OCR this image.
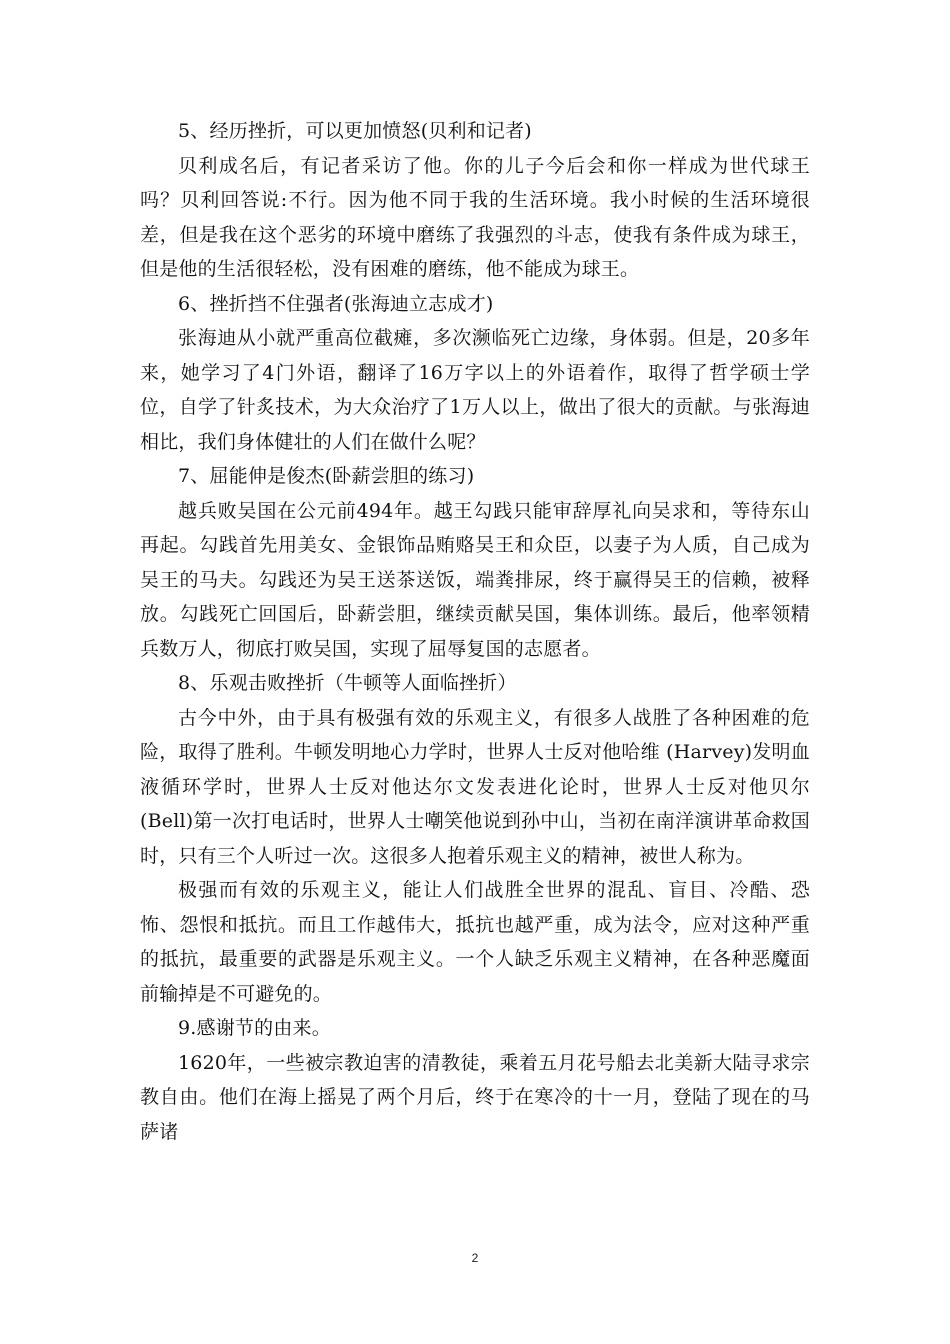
5、经历挫折，可以更加愤怒(贝利和记者)

贝利成名后，有记者采访了他。你的儿子今后会和你一样成为世代球王吗？贝利回答说:不行。因为他不同于我的生活环境。我小时候的生活环境很差，但是我在这个恶劣的环境中磨练了我强烈的斗志，使我有条件成为球王，但是他的生活很轻松，没有困难的磨练，他不能成为球王。

6、挫折挡不住强者(张海迪立志成才)

张海迪从小就严重高位截瘫，多次濒临死亡边缘，身体弱。但是，20多年来，她学习了4门外语，翻译了16万字以上的外语着作，取得了哲学硕士学位，自学了针炙技术，为大众治疗了1万人以上，做出了很大的贡献。与张海迪相比，我们身体健壮的人们在做什么呢？

7、屈能伸是俊杰(卧薪尝胆的练习)

越兵败吴国在公元前494年。越王勾践只能审辞厚礼向吴求和，等待东山再起。勾践首先用美女、金银饰品贿赂吴王和众臣，以妻子为人质，自己成为吴王的马夫。勾践还为吴王送茶送饭，端粪排尿，终于赢得吴王的信赖，被释放。勾践死亡回国后，卧薪尝胆，继续贡献吴国，集体训练。最后，他率领精兵数万人，彻底打败吴国，实现了屈辱复国的志愿者。

8、乐观击败挫折（牛顿等人面临挫折）

古今中外，由于具有极强有效的乐观主义，有很多人战胜了各种困难的危险，取得了胜利。牛顿发明地心力学时，世界人士反对他哈维 (Harvey)发明血液循环学时，世界人士反对他达尔文发表进化论时，世界人士反对他贝尔 (Bell)第一次打电话时，世界人士嘲笑他说到孙中山，当初在南洋演讲革命救国时，只有三个人听过一次。这很多人抱着乐观主义的精神，被世人称为。

极强而有效的乐观主义，能让人们战胜全世界的混乱、盲目、冷酷、恐怖、怨恨和抵抗。而且工作越伟大，抵抗也越严重，成为法令，应对这种严重的抵抗，最重要的武器是乐观主义。一个人缺乏乐观主义精神，在各种恶魔面前输掉是不可避免的。

9.感谢节的由来。

1620年，一些被宗教迫害的清教徒，乘着五月花号船去北美新大陆寻求宗教自由。他们在海上摇晃了两个月后，终于在寒冷的十一月，登陆了现在的马萨诸

2
